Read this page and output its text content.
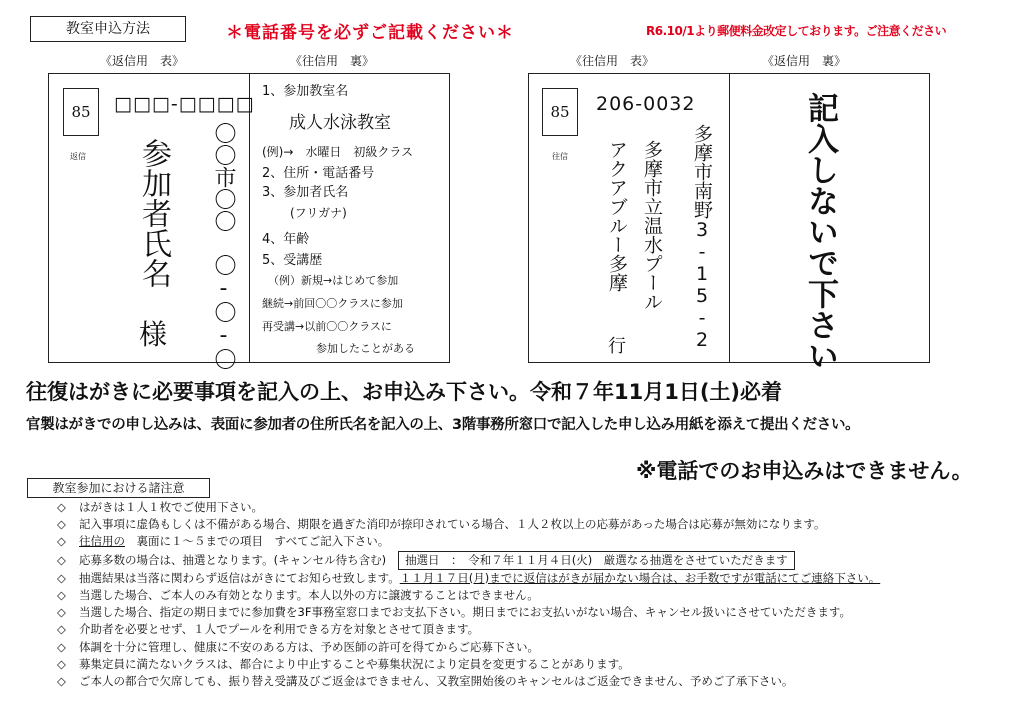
教室申込方法	＊電話番号を必ずご記載ください＊	R6.10/1より郵便料金改定しております。ご注意ください
《返信用　表》	《往信用　裏》
85
返信
□□□-□□□□
参加者氏名
様 〇〇市〇〇　〇-〇-〇
1、参加教室名
成人水泳教室
(例)→　水曜日　初級クラス
2、住所・電話番号
3、参加者氏名
(フリガナ)
4、年齢
5、受講歴
（例）新規→はじめて参加
継続→前回〇〇クラスに参加
再受講→以前〇〇クラスに
参加したことがある
《往信用　表》	《返信用　裏》
85
往信
206-0032
多摩市南野3-15-2
多摩市立温水プール
アクアブルー多摩
行	記入しないで下さい
往復はがきに必要事項を記入の上、お申込み下さい。令和７年11月1日(土)必着
官製はがきでの申し込みは、表面に参加者の住所氏名を記入の上、3階事務所窓口で記入した申し込み用紙を添えて提出ください。
※電話でのお申込みはできません。
教室参加における諸注意
◇	はがきは１人１枚でご使用下さい。
◇	記入事項に虚偽もしくは不備がある場合、期限を過ぎた消印が捺印されている場合、１人２枚以上の応募があった場合は応募が無効になります。
◇	往信用の 　裏面に１～５までの項目　すべてご記入下さい。
◇	応募多数の場合は、抽選となります。(キャンセル待ち含む)	抽選日　：　令和７年１１月４日(火)　厳選なる抽選をさせていただきます
◇	抽選結果は当落に関わらず返信はがきにてお知らせ致します。 １１月１７日(月)までに返信はがきが届かない場合は、お手数ですが電話にてご連絡下さい。
◇	当選した場合、ご本人のみ有効となります。本人以外の方に譲渡することはできません。
◇	当選した場合、指定の期日までに参加費を3F事務室窓口までお支払下さい。期日までにお支払いがない場合、キャンセル扱いにさせていただきます。
◇	介助者を必要とせず、１人でプールを利用できる方を対象とさせて頂きます。
◇	体調を十分に管理し、健康に不安のある方は、予め医師の許可を得てからご応募下さい。
◇	募集定員に満たないクラスは、都合により中止することや募集状況により定員を変更することがあります。
◇	ご本人の都合で欠席しても、振り替え受講及びご返金はできません、又教室開始後のキャンセルはご返金できません、予めご了承下さい。
